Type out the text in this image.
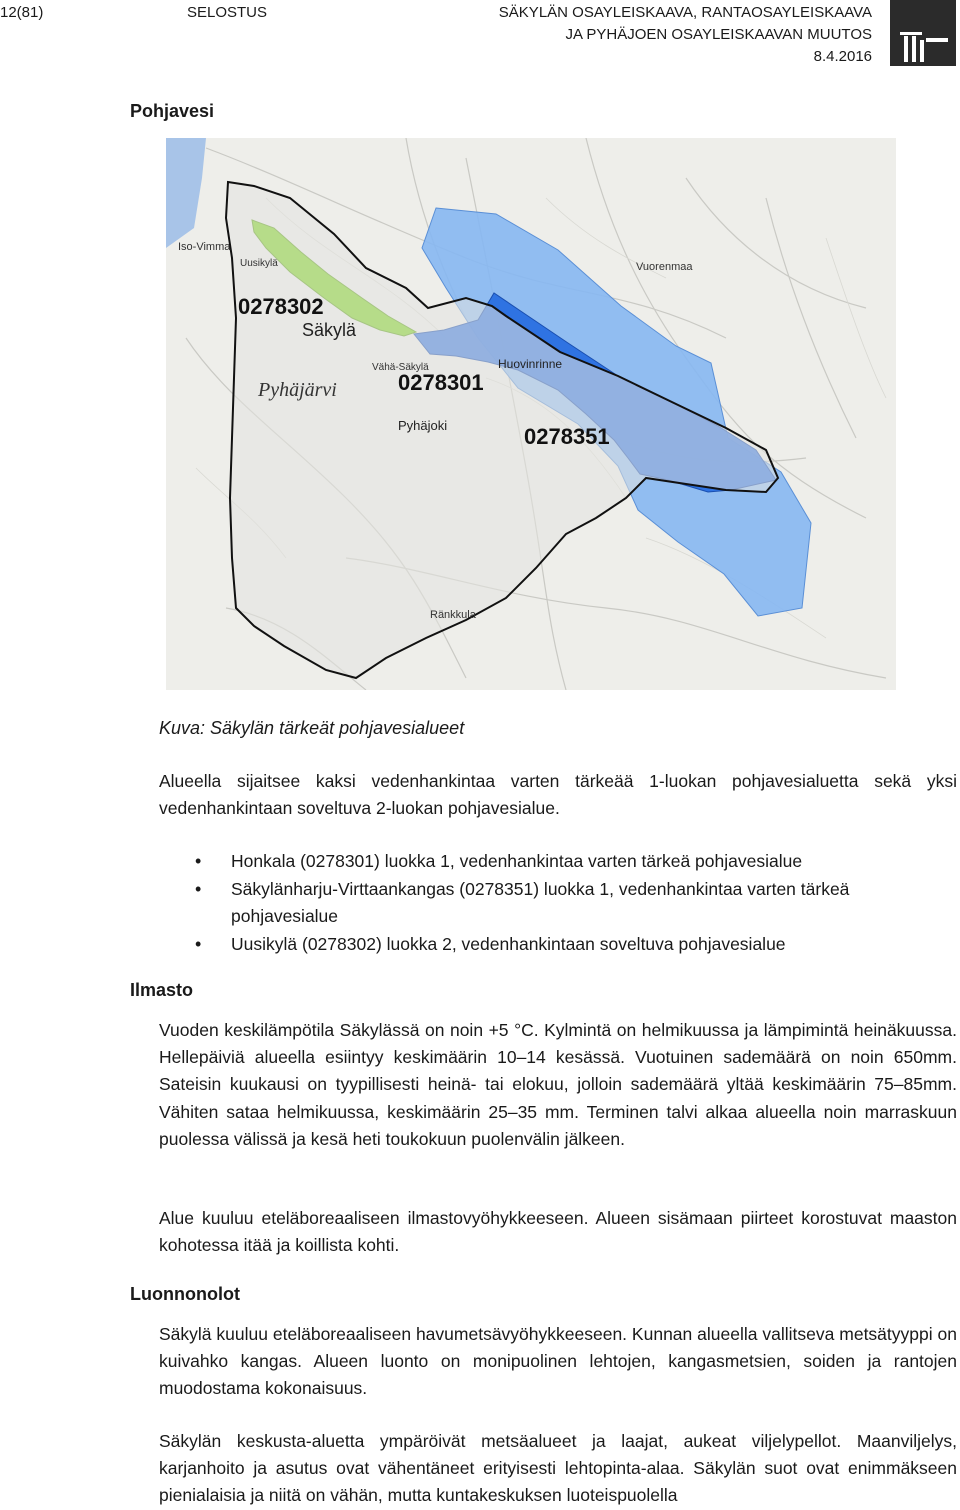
12(81)	SELOSTUS	SÄKYLÄN OSAYLEISKAAVA, RANTAOSAYLEISKAAVA
JA PYHÄJOEN OSAYLEISKAAVAN MUUTOS
8.4.2016
Pohjavesi
0278302
0278301
0278351
Pyhäjärvi
Säkylä
Uusikylä
Pyhäjoki
Vähä-Säkylä	Huovinrinne
Iso-Vimma
Ränkkula
Vuorenmaa
Kuva: Säkylän tärkeät pohjavesialueet

Alueella sijaitsee kaksi vedenhankintaa varten tärkeää 1-luokan pohjavesialuetta sekä yksi vedenhankintaan soveltuva 2-luokan pohjavesialue.

• Honkala (0278301) luokka 1, vedenhankintaa varten tärkeä pohjavesialue
• Säkylänharju-Virttaankangas (0278351) luokka 1, vedenhankintaa varten tärkeä pohjavesialue
• Uusikylä (0278302) luokka 2, vedenhankintaan soveltuva pohjavesialue
Ilmasto

Vuoden keskilämpötila Säkylässä on noin +5 °C. Kylmintä on helmikuussa ja lämpimintä heinäkuussa. Hellepäiviä alueella esiintyy keskimäärin 10–14 kesässä. Vuotuinen sademäärä on noin 650mm. Sateisin kuukausi on tyypillisesti heinä- tai elokuu, jolloin sademäärä yltää keskimäärin 75–85mm. Vähiten sataa helmikuussa, keskimäärin 25–35 mm. Terminen talvi alkaa alueella noin marraskuun puolessa välissä ja kesä heti toukokuun puolenvälin jälkeen.

Alue kuuluu eteläboreaaliseen ilmastovyöhykkeeseen. Alueen sisämaan piirteet korostuvat maaston kohotessa itää ja koillista kohti.

Luonnonolot

Säkylä kuuluu eteläboreaaliseen havumetsävyöhykkeeseen. Kunnan alueella vallitseva metsätyyppi on kuivahko kangas. Alueen luonto on monipuolinen lehtojen, kangasmetsien, soiden ja rantojen muodostama kokonaisuus.

Säkylän keskusta-aluetta ympäröivät metsäalueet ja laajat, aukeat viljelypellot. Maanviljelys, karjanhoito ja asutus ovat vähentäneet erityisesti lehtopinta-alaa. Säkylän suot ovat enimmäkseen pienialaisia ja niitä on vähän, mutta kuntakeskuksen luoteispuolella
